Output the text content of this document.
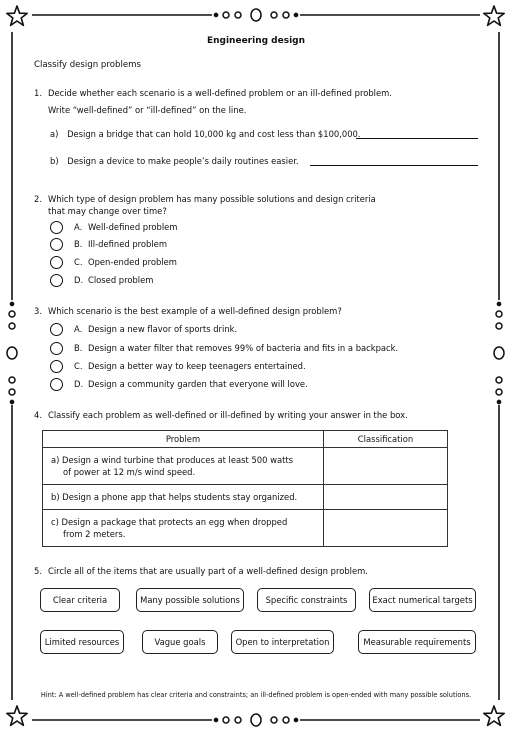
Engineering design
Classify design problems
1. Decide whether each scenario is a well-defined problem or an ill-defined problem.
Write “well-defined” or “ill-defined” on the line.
a) Design a bridge that can hold 10,000 kg and cost less than $100,000.
b) Design a device to make people’s daily routines easier.
2. Which type of design problem has many possible solutions and design criteria
that may change over time?
A. Well-defined problem
B. Ill-defined problem
C. Open-ended problem
D. Closed problem
3. Which scenario is the best example of a well-defined design problem?
A. Design a new flavor of sports drink.
B. Design a water filter that removes 99% of bacteria and fits in a backpack.
C. Design a better way to keep teenagers entertained.
D. Design a community garden that everyone will love.
4. Classify each problem as well-defined or ill-defined by writing your answer in the box.
Problem	Classification

a) Design a wind turbine that produces at least 500 watts
of power at 12 m/s wind speed.	

b) Design a phone app that helps students stay organized.	

c) Design a package that protects an egg when dropped
from 2 meters.	

5. Circle all of the items that are usually part of a well-defined design problem.
Clear criteria	Many possible solutions	Specific constraints	Exact numerical targets
Limited resources	Vague goals	Open to interpretation	Measurable requirements
Hint: A well-defined problem has clear criteria and constraints; an ill-defined problem is open-ended with many possible solutions.
